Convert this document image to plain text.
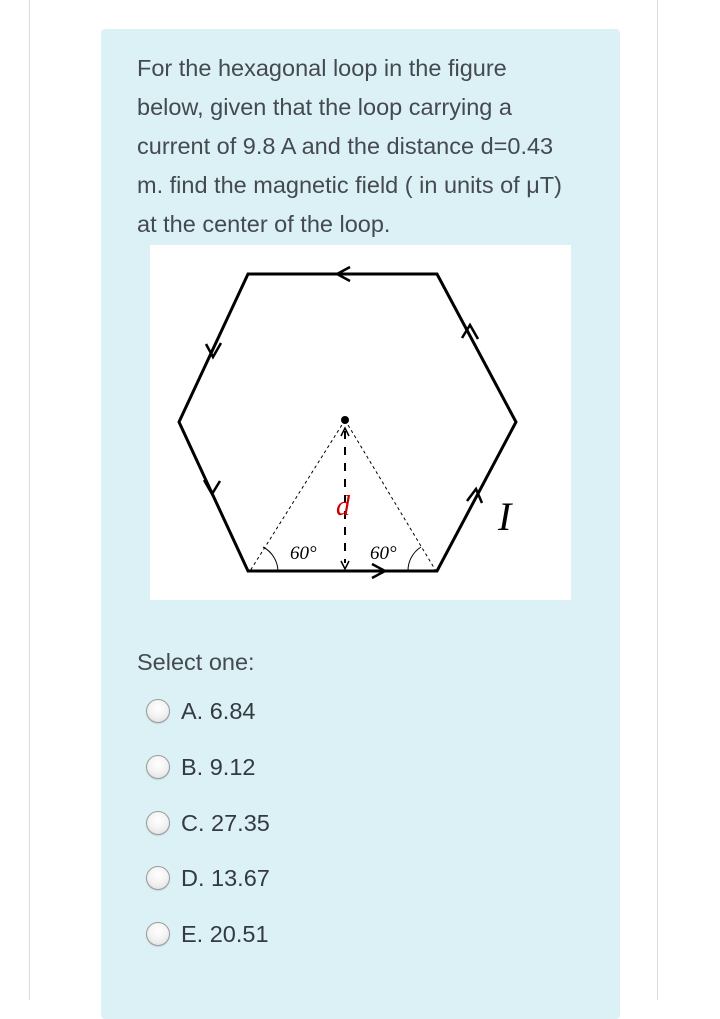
For the hexagonal loop in the figure below, given that the loop carrying a current of 9.8 A and the distance d=0.43 m. find the magnetic field ( in units of μT) at the center of the loop.

d	I
60°	60°

Select one:

A. 6.84
B. 9.12
C. 27.35
D. 13.67
E. 20.51
